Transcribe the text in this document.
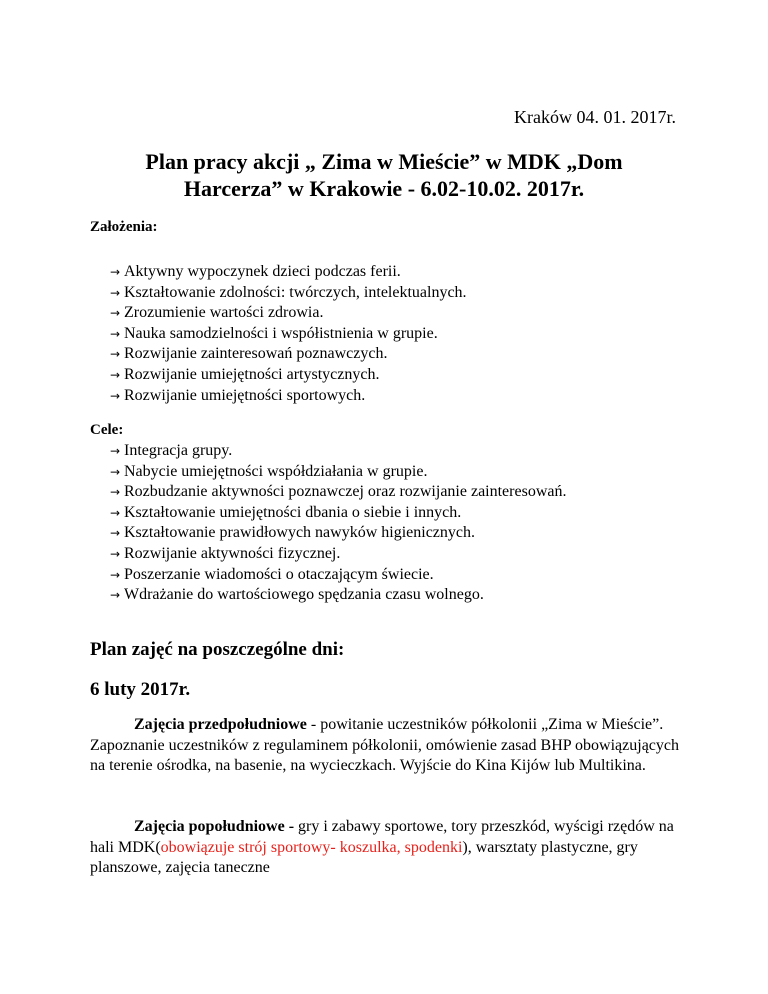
Kraków 04. 01. 2017r.
Plan pracy akcji „ Zima w Mieście” w MDK „Dom
Harcerza” w Krakowie - 6.02-10.02. 2017r.
Założenia:
→ Aktywny wypoczynek dzieci podczas ferii.
→ Kształtowanie zdolności: twórczych, intelektualnych.
→ Zrozumienie wartości zdrowia.
→ Nauka samodzielności i współistnienia w grupie.
→ Rozwijanie zainteresowań poznawczych.
→ Rozwijanie umiejętności artystycznych.
→ Rozwijanie umiejętności sportowych.
Cele:
→ Integracja grupy.
→ Nabycie umiejętności współdziałania w grupie.
→ Rozbudzanie aktywności poznawczej oraz rozwijanie zainteresowań.
→ Kształtowanie umiejętności dbania o siebie i innych.
→ Kształtowanie prawidłowych nawyków higienicznych.
→ Rozwijanie aktywności fizycznej.
→ Poszerzanie wiadomości o otaczającym świecie.
→ Wdrażanie do wartościowego spędzania czasu wolnego.
Plan zajęć na poszczególne dni:
6 luty 2017r.
Zajęcia przedpołudniowe - powitanie uczestników półkolonii „Zima w Mieście”. Zapoznanie uczestników z regulaminem półkolonii, omówienie zasad BHP obowiązujących na terenie ośrodka, na basenie, na wycieczkach. Wyjście do Kina Kijów lub Multikina.
Zajęcia popołudniowe - gry i zabawy sportowe, tory przeszkód, wyścigi rzędów na hali MDK(obowiązuje strój sportowy- koszulka, spodenki), warsztaty plastyczne, gry planszowe, zajęcia taneczne
